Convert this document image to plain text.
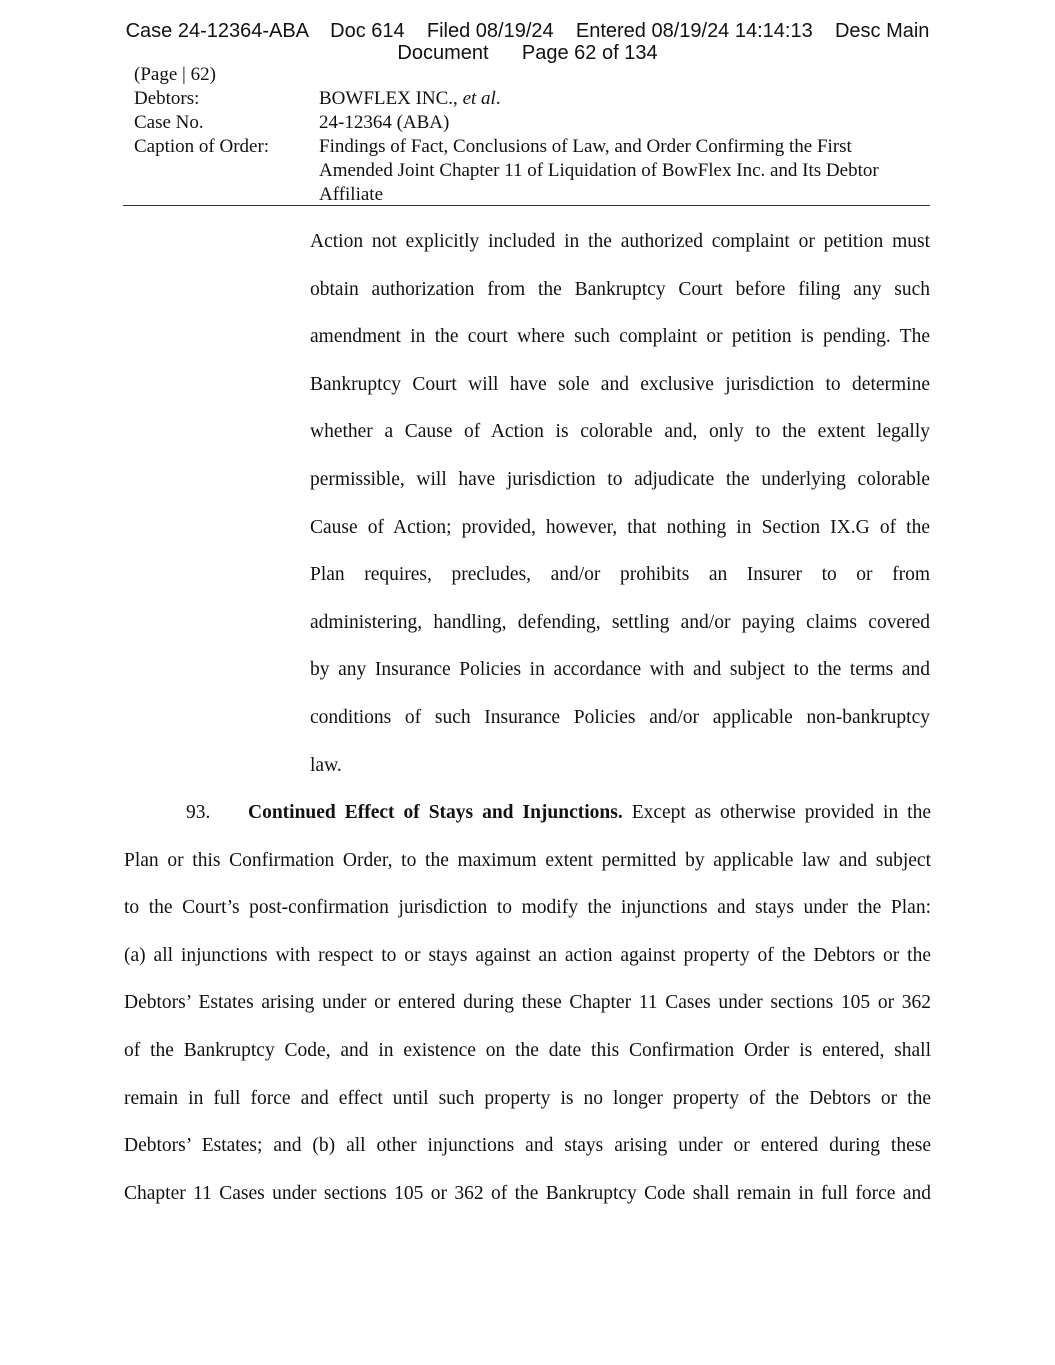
Case 24-12364-ABA    Doc 614    Filed 08/19/24    Entered 08/19/24 14:14:13    Desc Main
Document      Page 62 of 134
(Page | 62)
Debtors:	BOWFLEX INC., et al.
Case No.	24-12364 (ABA)
Caption of Order:	Findings of Fact, Conclusions of Law, and Order Confirming the First
Amended Joint Chapter 11 of Liquidation of BowFlex Inc. and Its Debtor
Affiliate
Action not explicitly included in the authorized complaint or petition must
obtain authorization from the Bankruptcy Court before filing any such
amendment in the court where such complaint or petition is pending. The
Bankruptcy Court will have sole and exclusive jurisdiction to determine
whether a Cause of Action is colorable and, only to the extent legally
permissible, will have jurisdiction to adjudicate the underlying colorable
Cause of Action; provided, however, that nothing in Section IX.G of the
Plan requires, precludes, and/or prohibits an Insurer to or from
administering, handling, defending, settling and/or paying claims covered
by any Insurance Policies in accordance with and subject to the terms and
conditions of such Insurance Policies and/or applicable non-bankruptcy
law.
93. Continued Effect of Stays and Injunctions. Except as otherwise provided in the
Plan or this Confirmation Order, to the maximum extent permitted by applicable law and subject
to the Court’s post-confirmation jurisdiction to modify the injunctions and stays under the Plan:
(a) all injunctions with respect to or stays against an action against property of the Debtors or the
Debtors’ Estates arising under or entered during these Chapter 11 Cases under sections 105 or 362
of the Bankruptcy Code, and in existence on the date this Confirmation Order is entered, shall
remain in full force and effect until such property is no longer property of the Debtors or the
Debtors’ Estates; and (b) all other injunctions and stays arising under or entered during these
Chapter 11 Cases under sections 105 or 362 of the Bankruptcy Code shall remain in full force and
